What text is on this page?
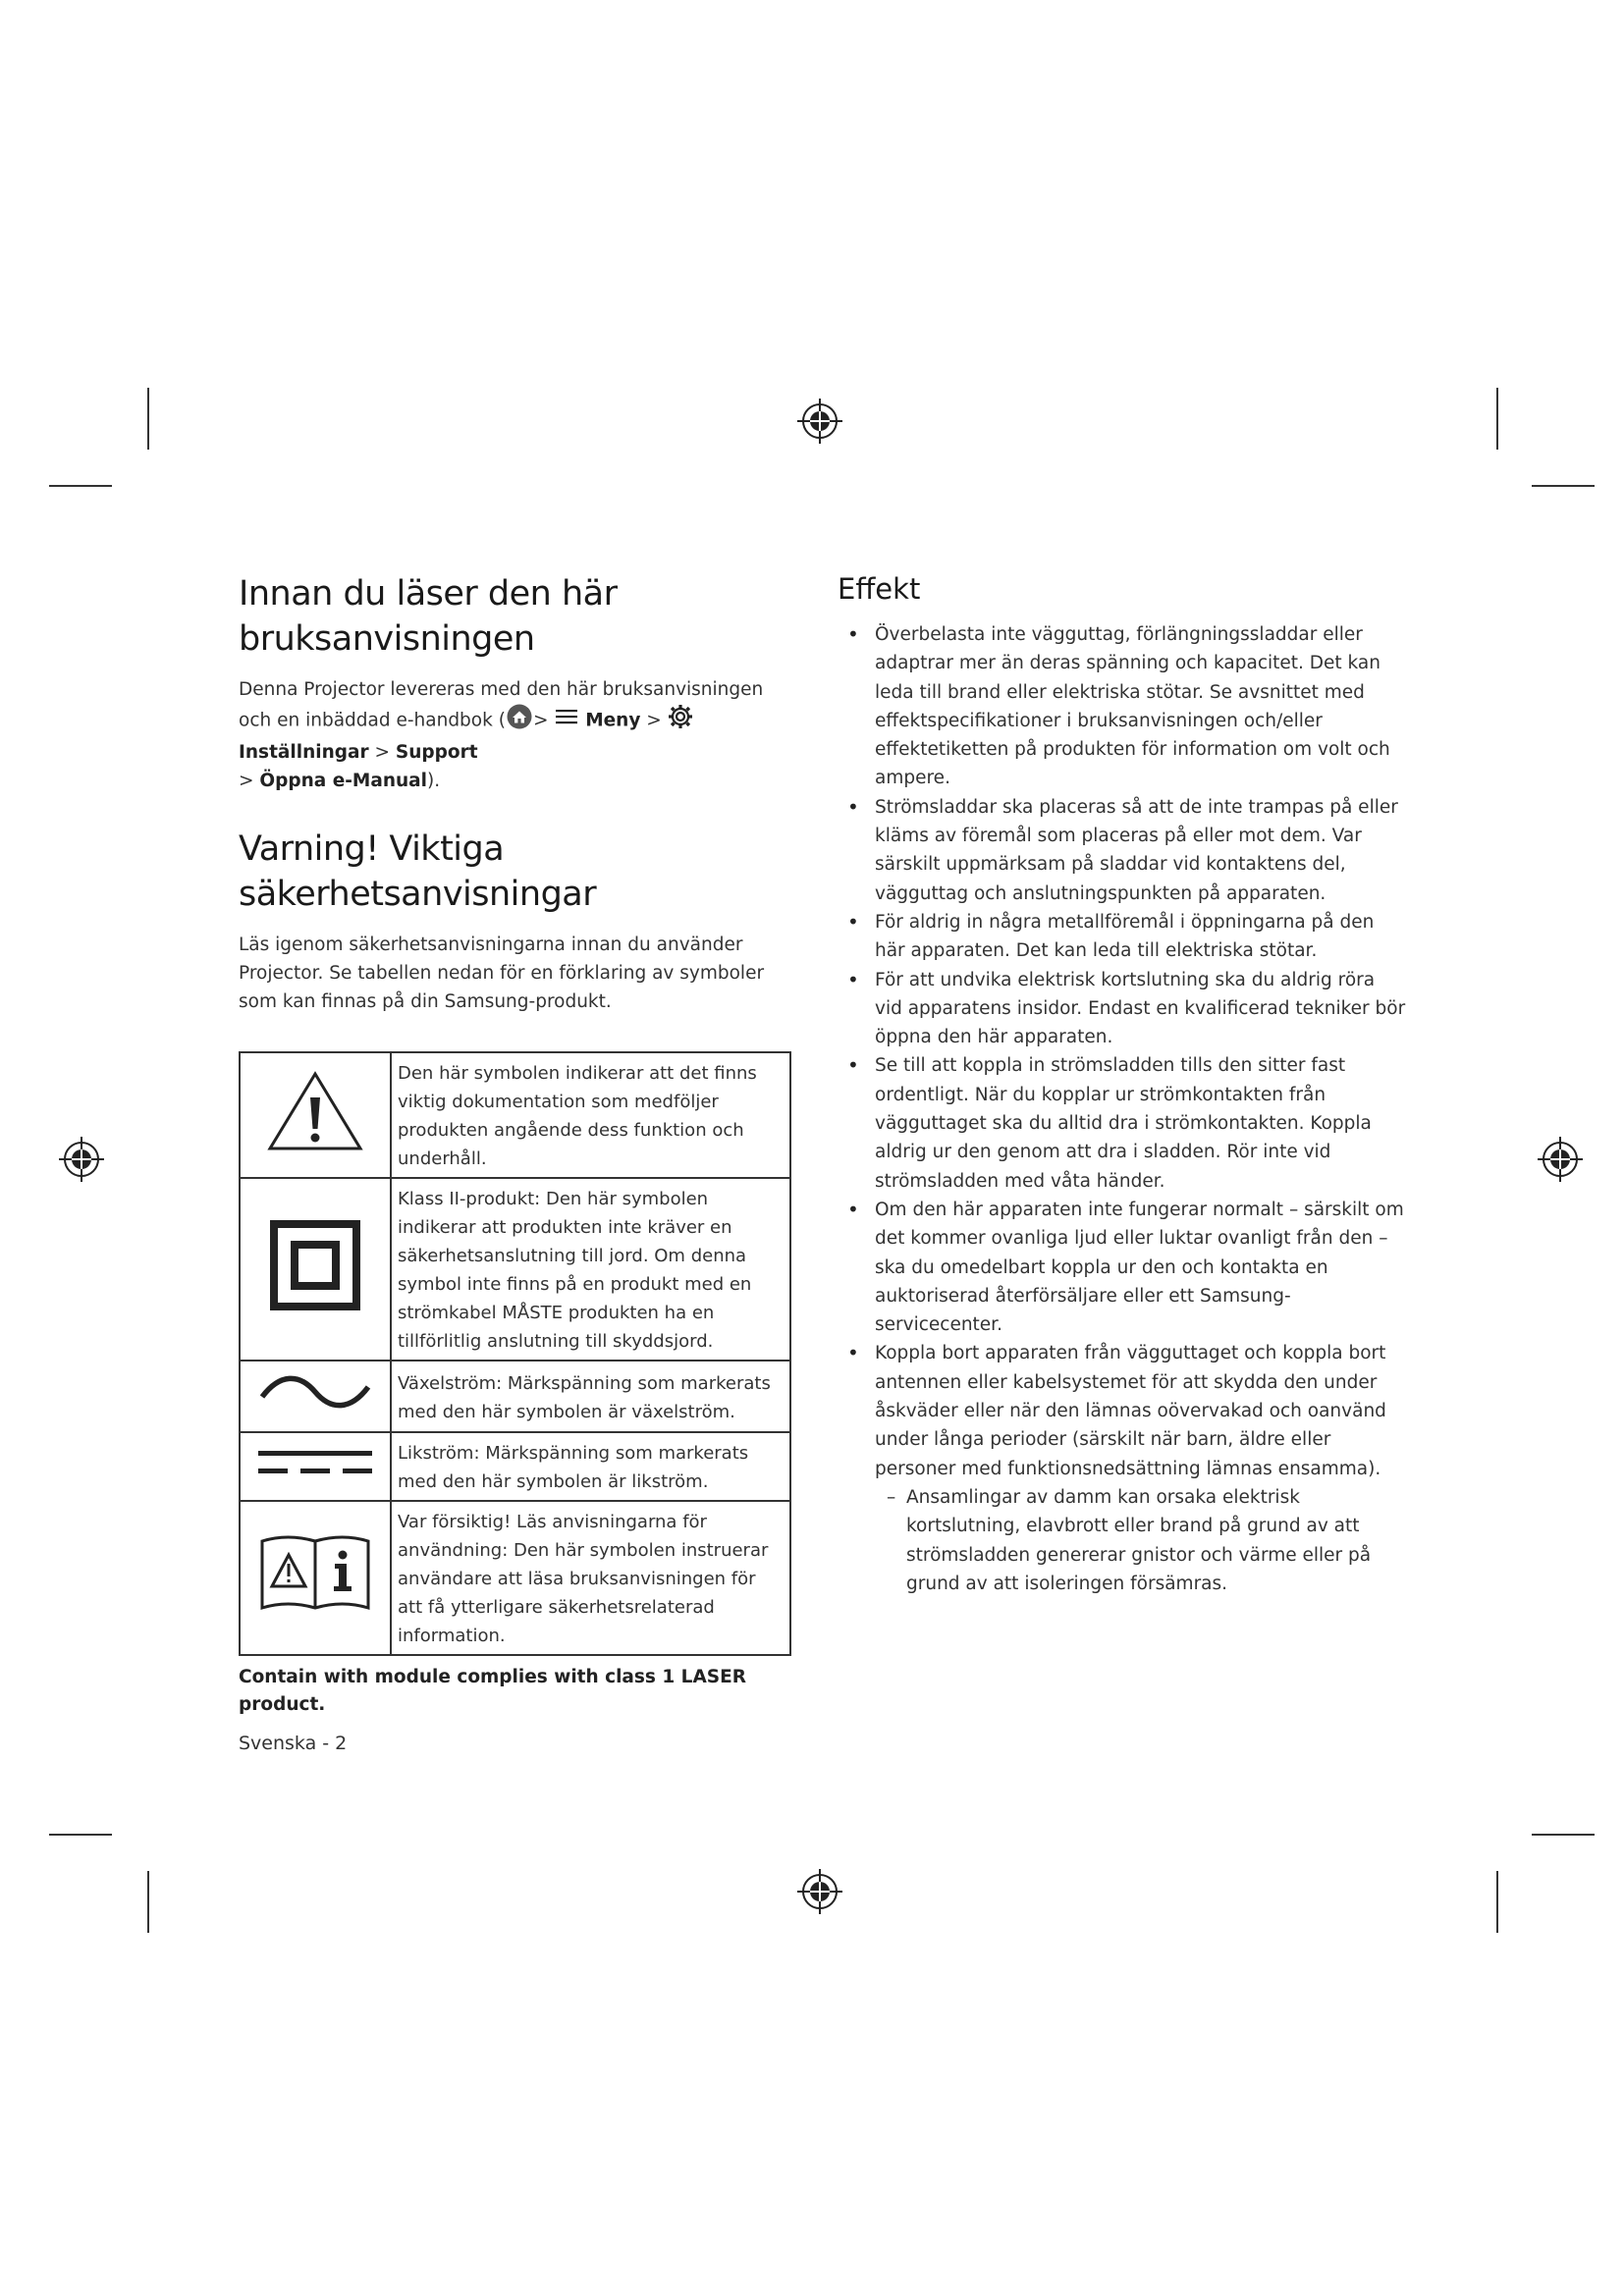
Innan du läser den här
bruksanvisningen
Denna Projector levereras med den här bruksanvisningen och en inbäddad e-handbok ( >  Meny > Inställningar > Support
> Öppna e-Manual).
Varning! Viktiga
säkerhetsanvisningar
Läs igenom säkerhetsanvisningarna innan du använder Projector. Se tabellen nedan för en förklaring av symboler som kan finnas på din Samsung-produkt.
	Den här symbolen indikerar att det finns viktig dokumentation som medföljer produkten angående dess funktion och underhåll.
	Klass II-produkt: Den här symbolen indikerar att produkten inte kräver en säkerhetsanslutning till jord. Om denna symbol inte finns på en produkt med en strömkabel MÅSTE produkten ha en tillförlitlig anslutning till skyddsjord.
	Växelström: Märkspänning som markerats med den här symbolen är växelström.
	Likström: Märkspänning som markerats med den här symbolen är likström.
	Var försiktig! Läs anvisningarna för användning: Den här symbolen instruerar användare att läsa bruksanvisningen för att få ytterligare säkerhetsrelaterad information.
Contain with module complies with class 1 LASER product.
Effekt
• Överbelasta inte vägguttag, förlängningssladdar eller adaptrar mer än deras spänning och kapacitet. Det kan leda till brand eller elektriska stötar. Se avsnittet med effektspecifikationer i bruksanvisningen och/eller effektetiketten på produkten för information om volt och ampere.
• Strömsladdar ska placeras så att de inte trampas på eller kläms av föremål som placeras på eller mot dem. Var särskilt uppmärksam på sladdar vid kontaktens del, vägguttag och anslutningspunkten på apparaten.
• För aldrig in några metallföremål i öppningarna på den här apparaten. Det kan leda till elektriska stötar.
• För att undvika elektrisk kortslutning ska du aldrig röra vid apparatens insidor. Endast en kvalificerad tekniker bör öppna den här apparaten.
• Se till att koppla in strömsladden tills den sitter fast ordentligt. När du kopplar ur strömkontakten från vägguttaget ska du alltid dra i strömkontakten. Koppla aldrig ur den genom att dra i sladden. Rör inte vid strömsladden med våta händer.
• Om den här apparaten inte fungerar normalt – särskilt om det kommer ovanliga ljud eller luktar ovanligt från den – ska du omedelbart koppla ur den och kontakta en auktoriserad återförsäljare eller ett Samsung-servicecenter.
• Koppla bort apparaten från vägguttaget och koppla bort antennen eller kabelsystemet för att skydda den under åskväder eller när den lämnas oövervakad och oanvänd under långa perioder (särskilt när barn, äldre eller personer med funktionsnedsättning lämnas ensamma).
– Ansamlingar av damm kan orsaka elektrisk kortslutning, elavbrott eller brand på grund av att strömsladden genererar gnistor och värme eller på grund av att isoleringen försämras.
Svenska - 2
